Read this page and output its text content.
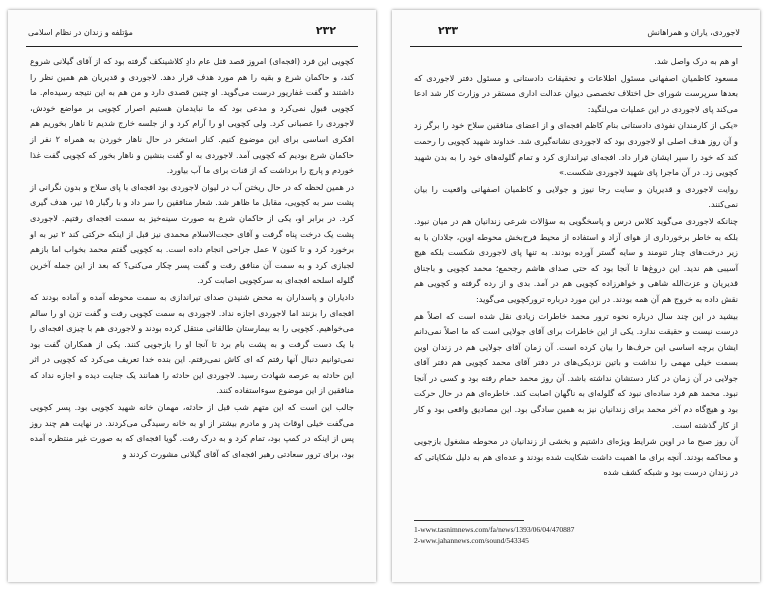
۲۳۲
مؤتلفه و زندان در نظام اسلامی

کچویی این فرد (افجه‌ای) امروز قصد قتل عام دادِ کلاشینکف گرفته بود که از آقای گیلانی شروع کند، و حاکمان شرع و بقیه را هم مورد هدف قرار دهد. لاجوردی و قدیریان هم همین نظر را داشتند و گفت غفاریور درست می‌گوید. او چنین قصدی دارد و من هم به این نتیجه رسیده‌ام. ما کچویی قبول نمی‌کرد و مدعی بود که ما نبایدمان هستیم اصرار کچویی بر مواضع خودش، لاجوردی را عصبانی کرد. ولی کچویی او را آرام کرد و از جلسه خارج شدیم تا ناهار بخوریم هم افکری اساسی برای این موضوع کنیم. کنار استخر در حال ناهار خوردن به همراه ۲ نفر از حاکمان شرع بودیم که کچویی آمد. لاجوردی به او گفت بنشین و ناهار بخور که کچویی گفت غذا خوردم و پارچ را برداشت که از قنات برای ما آب بیاورد.

در همین لحظه که در حال ریختن آب در لیوان لاجوردی بود افجه‌ای با پای سلاح و بدون نگرانی از پشت سر به کچویی، مقابل ما ظاهر شد. شعار منافقین را سر داد و با رگبار ۱۵ تیر، هدف گیری کرد. در برابر او، یکی از حاکمان شرع به صورت سینه‌خیز به سمت افجه‌ای رفتیم. لاجوردی پشت یک درخت پناه گرفت و آقای حجت‌الاسلام محمدی نیز قبل از اینکه حرکتی کند ۲ تیر به او برخورد کرد و تا کنون ۷ عمل جراحی انجام داده است. به کچویی گفتم محمد بخواب اما بازهم لجبازی کرد و به سمت آن منافق رفت و گفت پسر چکار می‌کنی؟ که بعد از این جمله آخرین گلوله اسلحه افجه‌ای به سرکچویی اصابت کرد.

دادیاران و پاسداران به محض شنیدن صدای تیراندازی به سمت محوطه آمده و آماده بودند که افجه‌ای را بزنند اما لاجوردی اجازه نداد. لاجوردی به سمت کچویی رفت و گفت تزن او را سالم می‌خواهیم. کچویی را به بیمارستان طالقانی منتقل کرده بودند و لاجوردی هم با چیزی افجه‌ای را با یک دست گرفت و به پشت بام برد تا آنجا او را بازجویی کنند. یکی از همکاران گفت بود نمی‌توانیم دنبال آنها رفتم که ای کاش نمی‌رفتم. این بنده خدا تعریف می‌کرد که کچویی در اثر این حادثه به عرصه شهادت رسید. لاجوردی این حادثه را همانند یک جنایت دیده و اجازه نداد که منافقین از این موضوع سوءاستفاده کنند.

جالب این است که این متهم شب قبل از حادثه، مهمان خانه شهید کچویی بود. پسر کچویی می‌گفت خیلی اوقات پدر و مادرم بیشتر از او به خانه رسیدگی می‌کردند. در نهایت هم چند روز پس از اینکه در کمپ بود، تمام کرد و به درک رفت. گویا افجه‌ای که به صورت غیر منتظره آمده بود، برای ترور سعادتی رهبر افجه‌ای که آقای گیلانی مشورت کردند و

۲۳۳	لاجوردی، یاران و همراهانش

او هم به درک واصل شد.

مسعود کاظمیان اصفهانی مسئول اطلاعات و تحقیقات دادستانی و مسئول دفتر لاجوردی که بعدها سرپرست شورای حل اختلاف تخصصی دیوان عدالت اداری مستقر در وزارت کار شد ادعا می‌کند پای لاجوردی در این عملیات می‌لنگید:

«یکی از کارمندان نفوذی دادستانی بنام کاظم افجه‌ای و از اعضای منافقین سلاح خود را برگر زد و آن روز هدف اصلی او لاجوردی بود که لاجوردی نشانه‌گیری شد. خداوند شهید کچویی را رحمت کند که خود را سپر ایشان قرار داد. افجه‌ای تیراندازی کرد و تمام گلوله‌های خود را به بدن شهید کچویی زد. در آن ماجرا پای شهید لاجوردی شکست.»

روایت لاجوردی و قدیریان و سایت رجا نیوز و جولایی و کاظمیان اصفهانی واقعیت را بیان نمی‌کنند.

چنانکه لاجوردی می‌گوید کلاس درس و پاسخگویی به سؤالات شرعی زندانیان هم در میان نبود. بلکه به خاطر برخورداری از هوای آزاد و استفاده از محیط فرح‌بخش محوطه اوین، جلادان با به زیر درخت‌های چنار تنومند و سایه گستر آورده بودند. به تنها پای لاجوردی شکست بلکه هیچ آسیبی هم ندید. این دروغ‌ها تا آنجا بود که حتی صدای هاشم رجحمع؛ محمد کچویی و باجناق قدیریان و عزت‌الله شاهی و خواهرزاده کچویی هم در آمد. بدی و از رده گرفته و کچویی هم نقش داده به خروج هم آن همه بودند. در این مورد درباره ترورکچویی می‌گوید:

بیشید در این چند سال درباره نحوه ترور محمد خاطرات زیادی نقل شده است که اصلاً هم درست نیست و حقیقت ندارد. یکی از این خاطرات برای آقای جولایی است که ما اصلاً نمی‌دانم ایشان برچه اساسی این حرف‌ها را بیان کرده است. آن زمان آقای جولایی هم در زندان اوین بسمت خیلی مهمی را نداشت و باتین نزدیکی‌های در دفتر آقای محمد کچویی هم دفتر آقای جولایی در آن زمان در کنار دستشان نداشته باشد. آن روز محمد حمام رفته بود و کسی در آنجا نبود. محمد هم فرد ساده‌ای نبود که گلوله‌ای به ناگهان اصابت کند. خاطره‌ای هم در حال حرکت بود و هیچ‌گاه دم آخر محمد برای زندانیان نیز به همین سادگی بود. این مصادیق واقعی بود و کار از کار گذشته است.

آن روز صبح ما در اوین شرایط ویژه‌ای داشتیم و بخشی از زندانیان در محوطه مشغول بازجویی و محاکمه بودند. آنچه برای ما اهمیت داشت شکایت شده بودند و عده‌ای هم به دلیل شکایاتی که در زندان درست بود و شبکه کشف شده

1-www.tasnimnews.com/fa/news/1393/06/04/470887
2-www.jahannews.com/sound/543345
